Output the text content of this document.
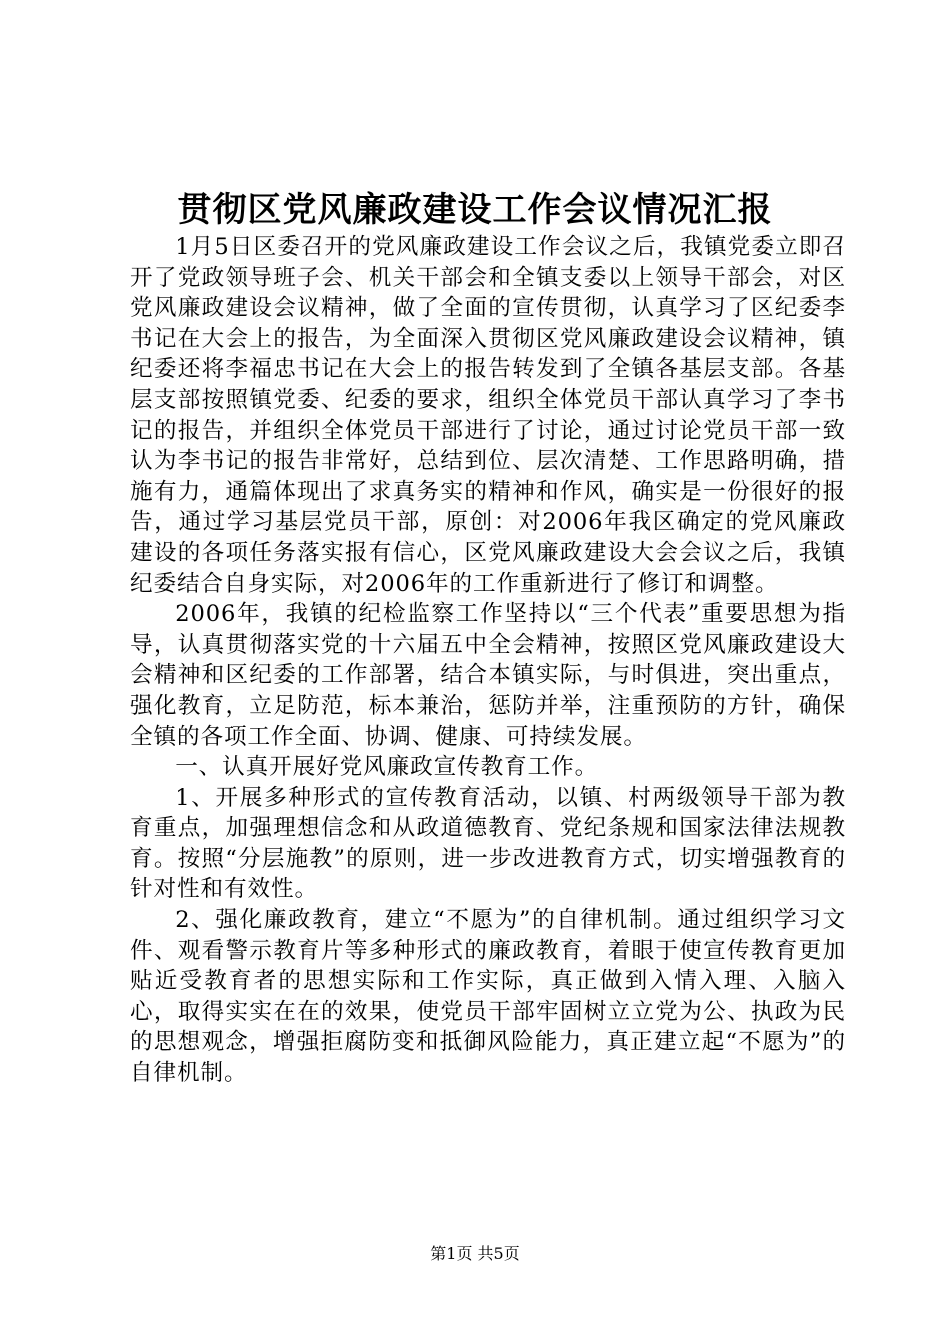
贯彻区党风廉政建设工作会议情况汇报

1月5日区委召开的党风廉政建设工作会议之后，我镇党委立即召开了党政领导班子会、机关干部会和全镇支委以上领导干部会，对区党风廉政建设会议精神，做了全面的宣传贯彻，认真学习了区纪委李书记在大会上的报告，为全面深入贯彻区党风廉政建设会议精神，镇纪委还将李福忠书记在大会上的报告转发到了全镇各基层支部。各基层支部按照镇党委、纪委的要求，组织全体党员干部认真学习了李书记的报告，并组织全体党员干部进行了讨论，通过讨论党员干部一致认为李书记的报告非常好，总结到位、层次清楚、工作思路明确，措施有力，通篇体现出了求真务实的精神和作风，确实是一份很好的报告，通过学习基层党员干部，原创：对2006年我区确定的党风廉政建设的各项任务落实报有信心，区党风廉政建设大会会议之后，我镇纪委结合自身实际，对2006年的工作重新进行了修订和调整。

2006年，我镇的纪检监察工作坚持以“三个代表”重要思想为指导，认真贯彻落实党的十六届五中全会精神，按照区党风廉政建设大会精神和区纪委的工作部署，结合本镇实际，与时俱进，突出重点，强化教育，立足防范，标本兼治，惩防并举，注重预防的方针，确保全镇的各项工作全面、协调、健康、可持续发展。

一、认真开展好党风廉政宣传教育工作。

1、开展多种形式的宣传教育活动，以镇、村两级领导干部为教育重点，加强理想信念和从政道德教育、党纪条规和国家法律法规教育。按照“分层施教”的原则，进一步改进教育方式，切实增强教育的针对性和有效性。

2、强化廉政教育，建立“不愿为”的自律机制。通过组织学习文件、观看警示教育片等多种形式的廉政教育，着眼于使宣传教育更加贴近受教育者的思想实际和工作实际，真正做到入情入理、入脑入心，取得实实在在的效果，使党员干部牢固树立立党为公、执政为民的思想观念，增强拒腐防变和抵御风险能力，真正建立起“不愿为”的自律机制。

第1页 共5页
